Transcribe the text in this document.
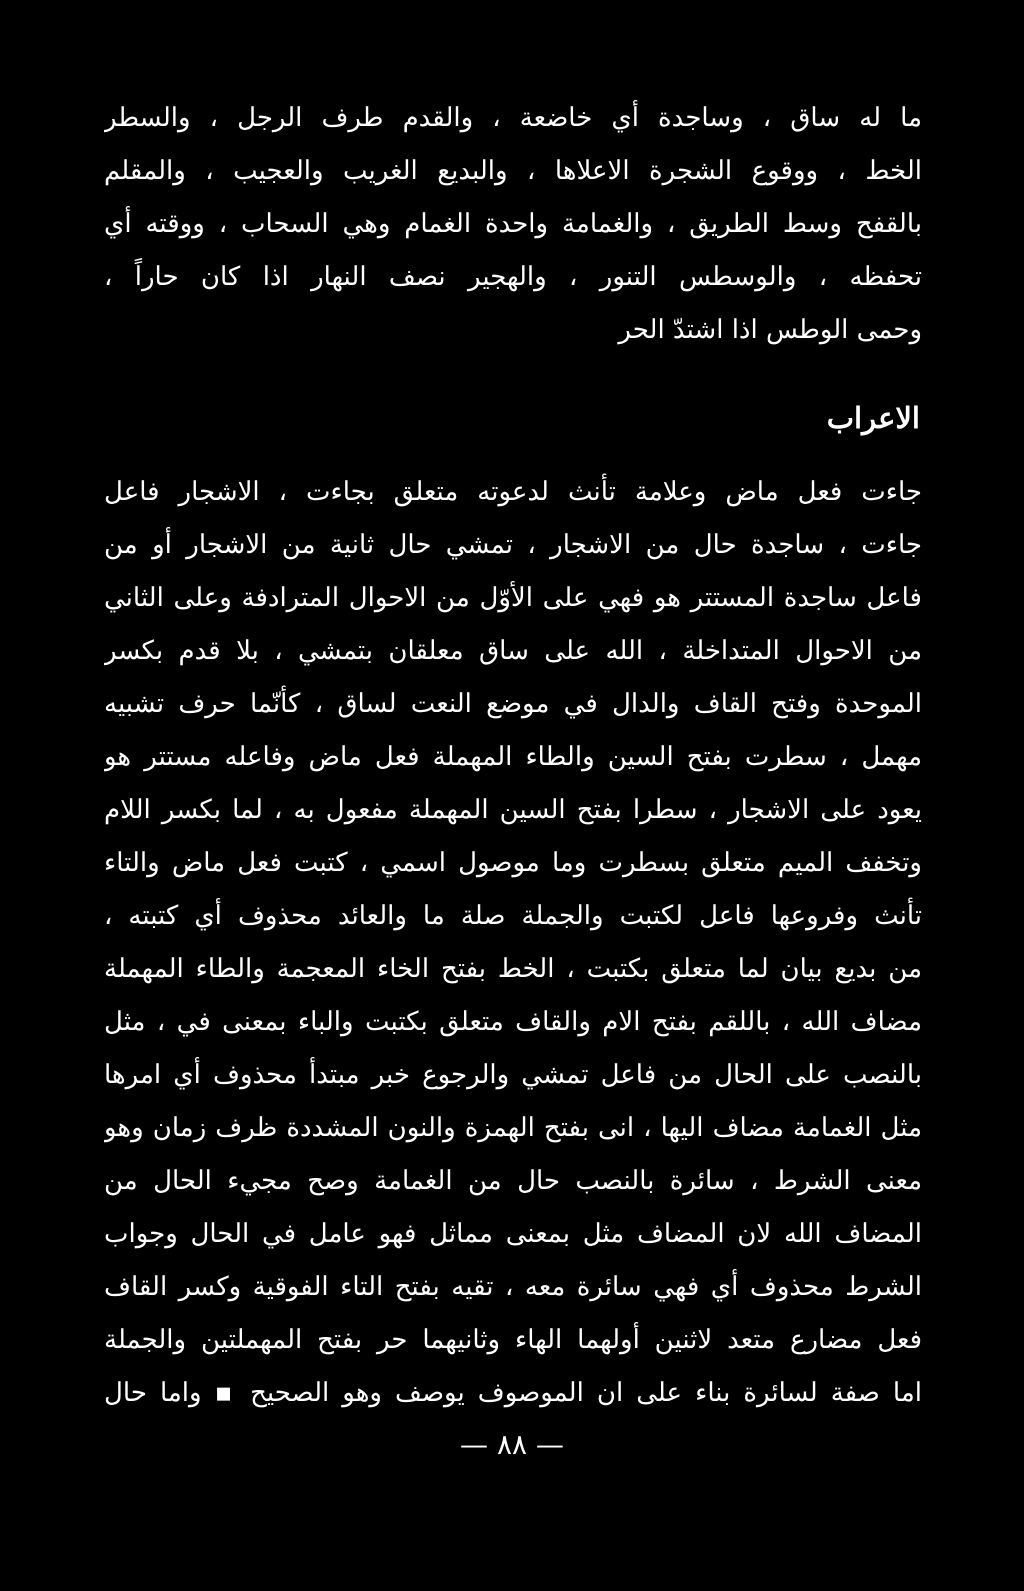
ما له ساق ، وساجدة أي خاضعة ، والقدم طرف الرجل ، والسطر
الخط ، ووقوع الشجرة الاعلاها ، والبديع الغريب والعجيب ، والمقلم
بالقفح وسط الطريق ، والغمامة واحدة الغمام وهي السحاب ، ووقته أي
تحفظه ، والوسطس التنور ، والهجير نصف النهار اذا كان حاراً ،
وحمى الوطس اذا اشتدّ الحر
الاعراب
جاءت فعل ماض وعلامة تأنث لدعوته متعلق بجاءت ، الاشجار فاعل
جاءت ، ساجدة حال من الاشجار ، تمشي حال ثانية من الاشجار أو من
فاعل ساجدة المستتر هو فهي على الأوّل من الاحوال المترادفة وعلى الثاني
من الاحوال المتداخلة ، الله على ساق معلقان بتمشي ، بلا قدم بكسر
الموحدة وفتح القاف والدال في موضع النعت لساق ، كأنّما حرف تشبيه
مهمل ، سطرت بفتح السين والطاء المهملة فعل ماض وفاعله مستتر هو
يعود على الاشجار ، سطرا بفتح السين المهملة مفعول به ، لما بكسر اللام
وتخفف الميم متعلق بسطرت وما موصول اسمي ، كتبت فعل ماض والتاء
تأنث وفروعها فاعل لكتبت والجملة صلة ما والعائد محذوف أي كتبته ،
من بديع بيان لما متعلق بكتبت ، الخط بفتح الخاء المعجمة والطاء المهملة
مضاف الله ، باللقم بفتح الام والقاف متعلق بكتبت والباء بمعنى في ، مثل
بالنصب على الحال من فاعل تمشي والرجوع خبر مبتدأ محذوف أي امرها
مثل الغمامة مضاف اليها ، انى بفتح الهمزة والنون المشددة ظرف زمان وهو
معنى الشرط ، سائرة بالنصب حال من الغمامة وصح مجيء الحال من
المضاف الله لان المضاف مثل بمعنى مماثل فهو عامل في الحال وجواب
الشرط محذوف أي فهي سائرة معه ، تقيه بفتح التاء الفوقية وكسر القاف
فعل مضارع متعد لاثنين أولهما الهاء وثانيهما حر بفتح المهملتين والجملة
اما صفة لسائرة بناء على ان الموصوف يوصف وهو الصحيح ▪ واما حال
— ٨٨ —
